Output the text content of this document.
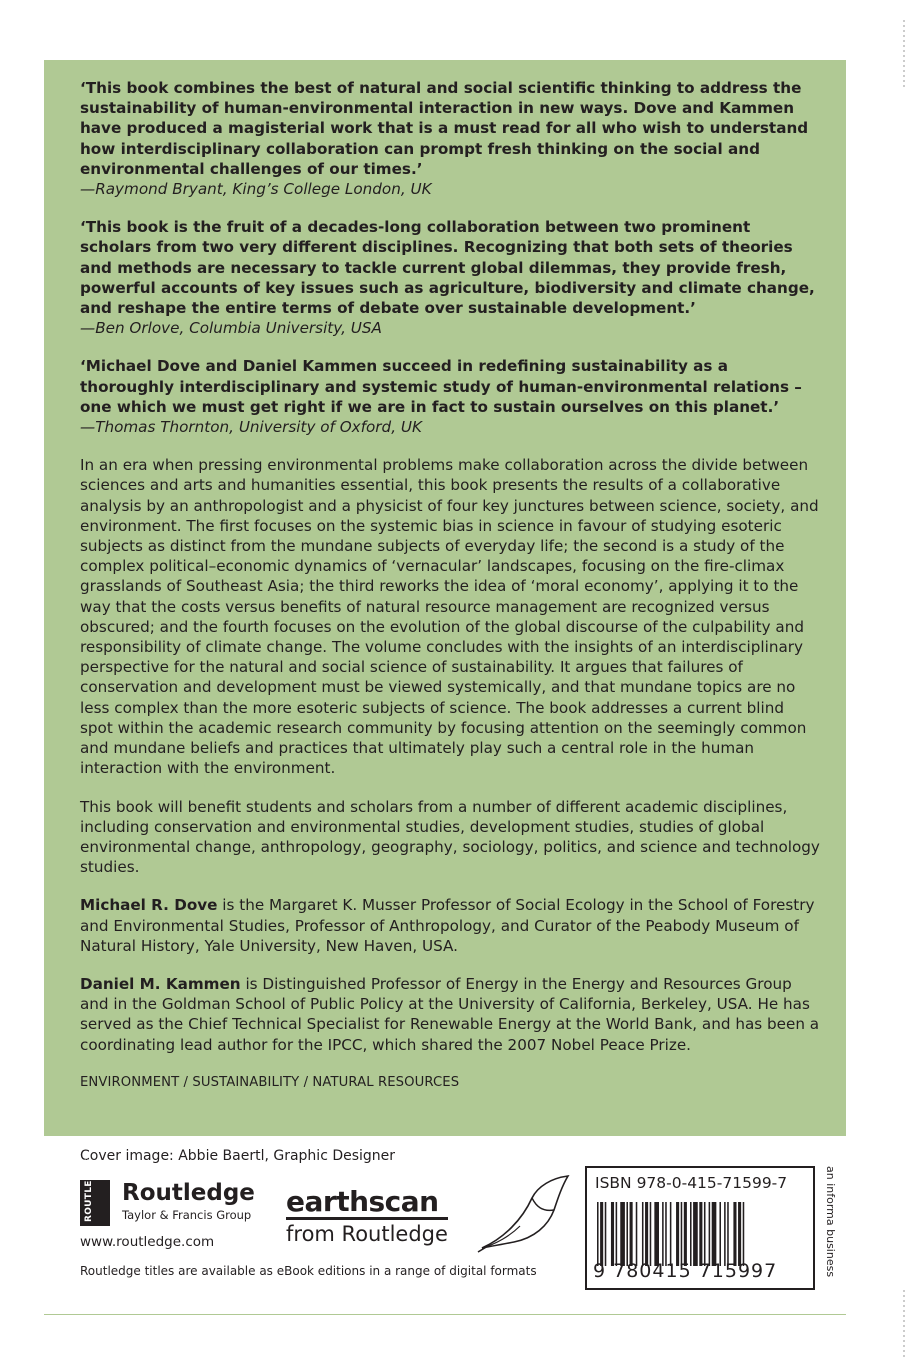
‘This book combines the best of natural and social scientific thinking to address the sustainability of human-environmental interaction in new ways. Dove and Kammen have produced a magisterial work that is a must read for all who wish to understand how interdisciplinary collaboration can prompt fresh thinking on the social and environmental challenges of our times.’
—Raymond Bryant, King’s College London, UK
‘This book is the fruit of a decades-long collaboration between two prominent scholars from two very different disciplines. Recognizing that both sets of theories and methods are necessary to tackle current global dilemmas, they provide fresh, powerful accounts of key issues such as agriculture, biodiversity and climate change, and reshape the entire terms of debate over sustainable development.’
—Ben Orlove, Columbia University, USA
‘Michael Dove and Daniel Kammen succeed in redefining sustainability as a thoroughly interdisciplinary and systemic study of human-environmental relations – one which we must get right if we are in fact to sustain ourselves on this planet.’
—Thomas Thornton, University of Oxford, UK
In an era when pressing environmental problems make collaboration across the divide between sciences and arts and humanities essential, this book presents the results of a collaborative analysis by an anthropologist and a physicist of four key junctures between science, society, and environment. The first focuses on the systemic bias in science in favour of studying esoteric subjects as distinct from the mundane subjects of everyday life; the second is a study of the complex political–economic dynamics of ‘vernacular’ landscapes, focusing on the fire-climax grasslands of Southeast Asia; the third reworks the idea of ‘moral economy’, applying it to the way that the costs versus benefits of natural resource management are recognized versus obscured; and the fourth focuses on the evolution of the global discourse of the culpability and responsibility of climate change. The volume concludes with the insights of an interdisciplinary perspective for the natural and social science of sustainability. It argues that failures of conservation and development must be viewed systemically, and that mundane topics are no less complex than the more esoteric subjects of science. The book addresses a current blind spot within the academic research community by focusing attention on the seemingly common and mundane beliefs and practices that ultimately play such a central role in the human interaction with the environment.
This book will benefit students and scholars from a number of different academic disciplines, including conservation and environmental studies, development studies, studies of global environmental change, anthropology, geography, sociology, politics, and science and technology studies.
Michael R. Dove is the Margaret K. Musser Professor of Social Ecology in the School of Forestry and Environmental Studies, Professor of Anthropology, and Curator of the Peabody Museum of Natural History, Yale University, New Haven, USA.
Daniel M. Kammen is Distinguished Professor of Energy in the Energy and Resources Group and in the Goldman School of Public Policy at the University of California, Berkeley, USA. He has served as the Chief Technical Specialist for Renewable Energy at the World Bank, and has been a coordinating lead author for the IPCC, which shared the 2007 Nobel Peace Prize.
ENVIRONMENT / SUSTAINABILITY / NATURAL RESOURCES
Cover image: Abbie Baertl, Graphic Designer
ROUTLEDGE Routledge
Taylor & Francis Group
www.routledge.com
Routledge titles are available as eBook editions in a range of digital formats
earthscan
from Routledge
ISBN 978-0-415-71599-7
9 780415 715997	an informa business
